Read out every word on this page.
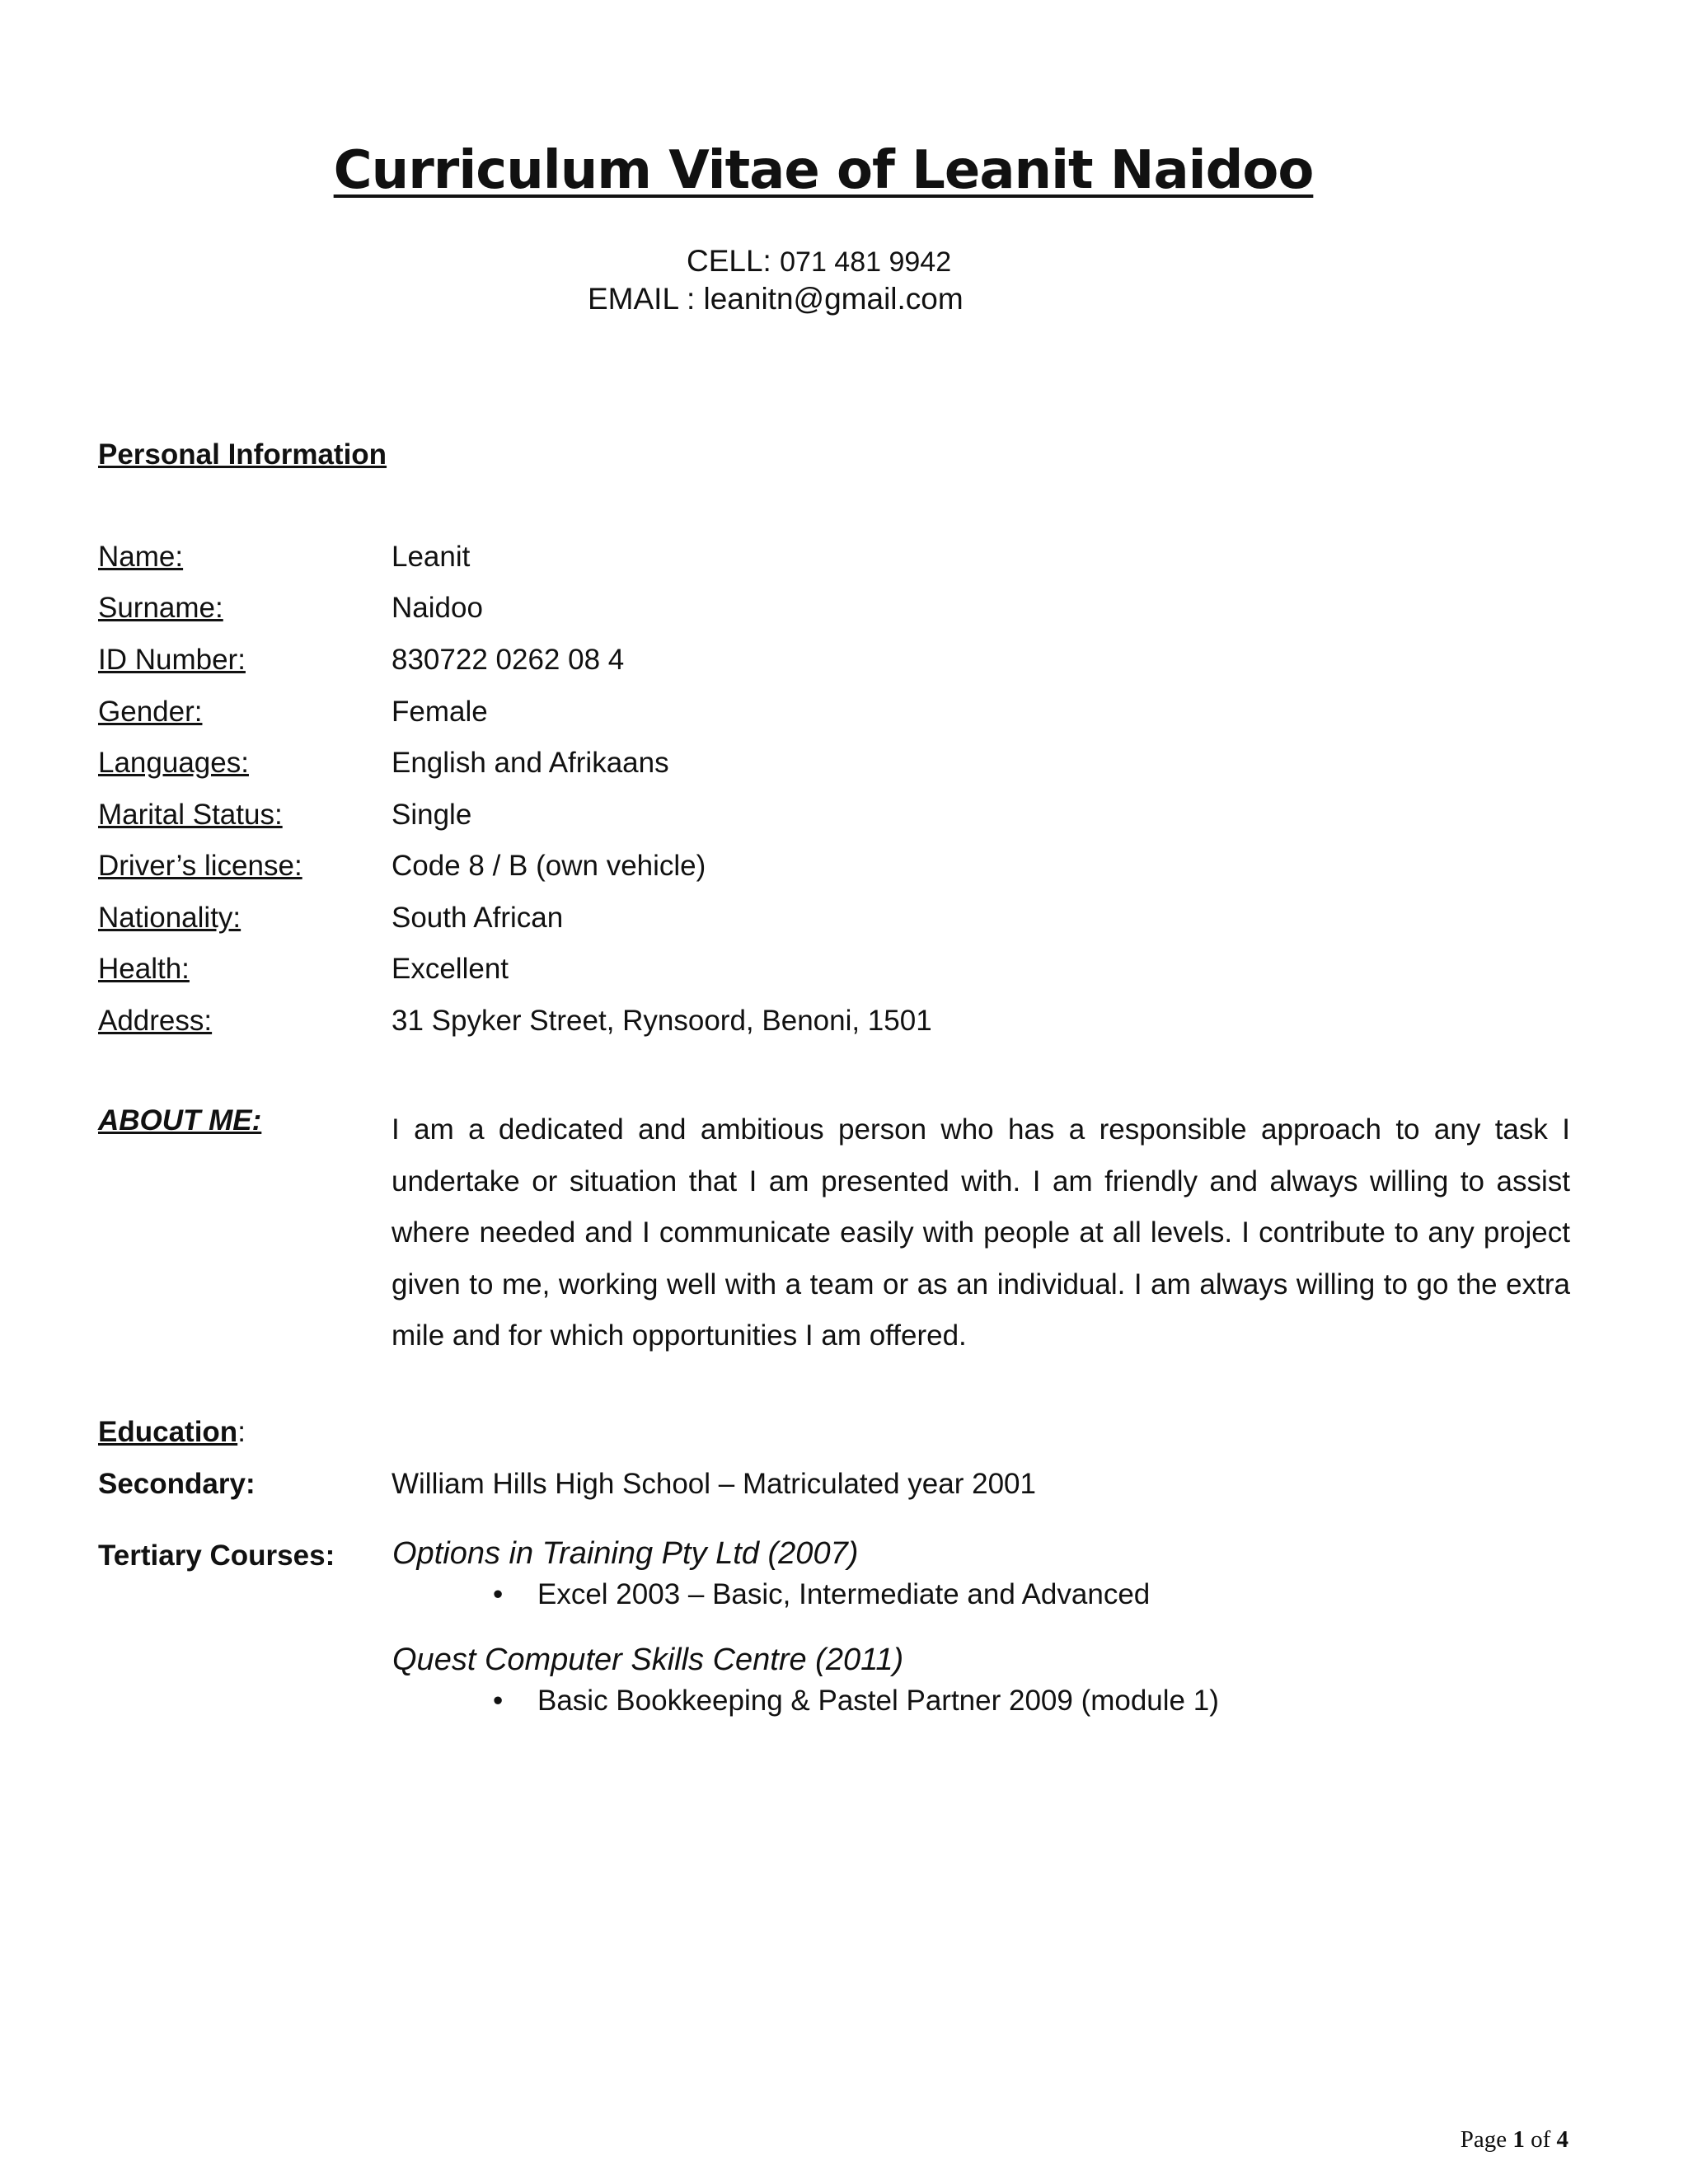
Curriculum Vitae of Leanit Naidoo
CELL: 071 481 9942
EMAIL : leanitn@gmail.com
Personal Information
Name:	Leanit
Surname:	Naidoo
ID Number:	830722 0262 08 4
Gender:	Female
Languages:	English and Afrikaans
Marital Status:	Single
Driver’s license:	Code 8 / B (own vehicle)
Nationality:	South African
Health:	Excellent
Address:	31 Spyker Street, Rynsoord, Benoni, 1501
ABOUT ME:	I am a dedicated and ambitious person who has a responsible approach to any task I undertake or situation that I am presented with. I am friendly and always willing to assist where needed and I communicate easily with people at all levels. I contribute to any project given to me, working well with a team or as an individual. I am always willing to go the extra mile and for which opportunities I am offered.
Education:
Secondary:	William Hills High School – Matriculated year 2001
Tertiary Courses: Options in Training Pty Ltd (2007)
• Excel 2003 – Basic, Intermediate and Advanced
Quest Computer Skills Centre (2011)
• Basic Bookkeeping & Pastel Partner 2009 (module 1)
Page 1 of 4
